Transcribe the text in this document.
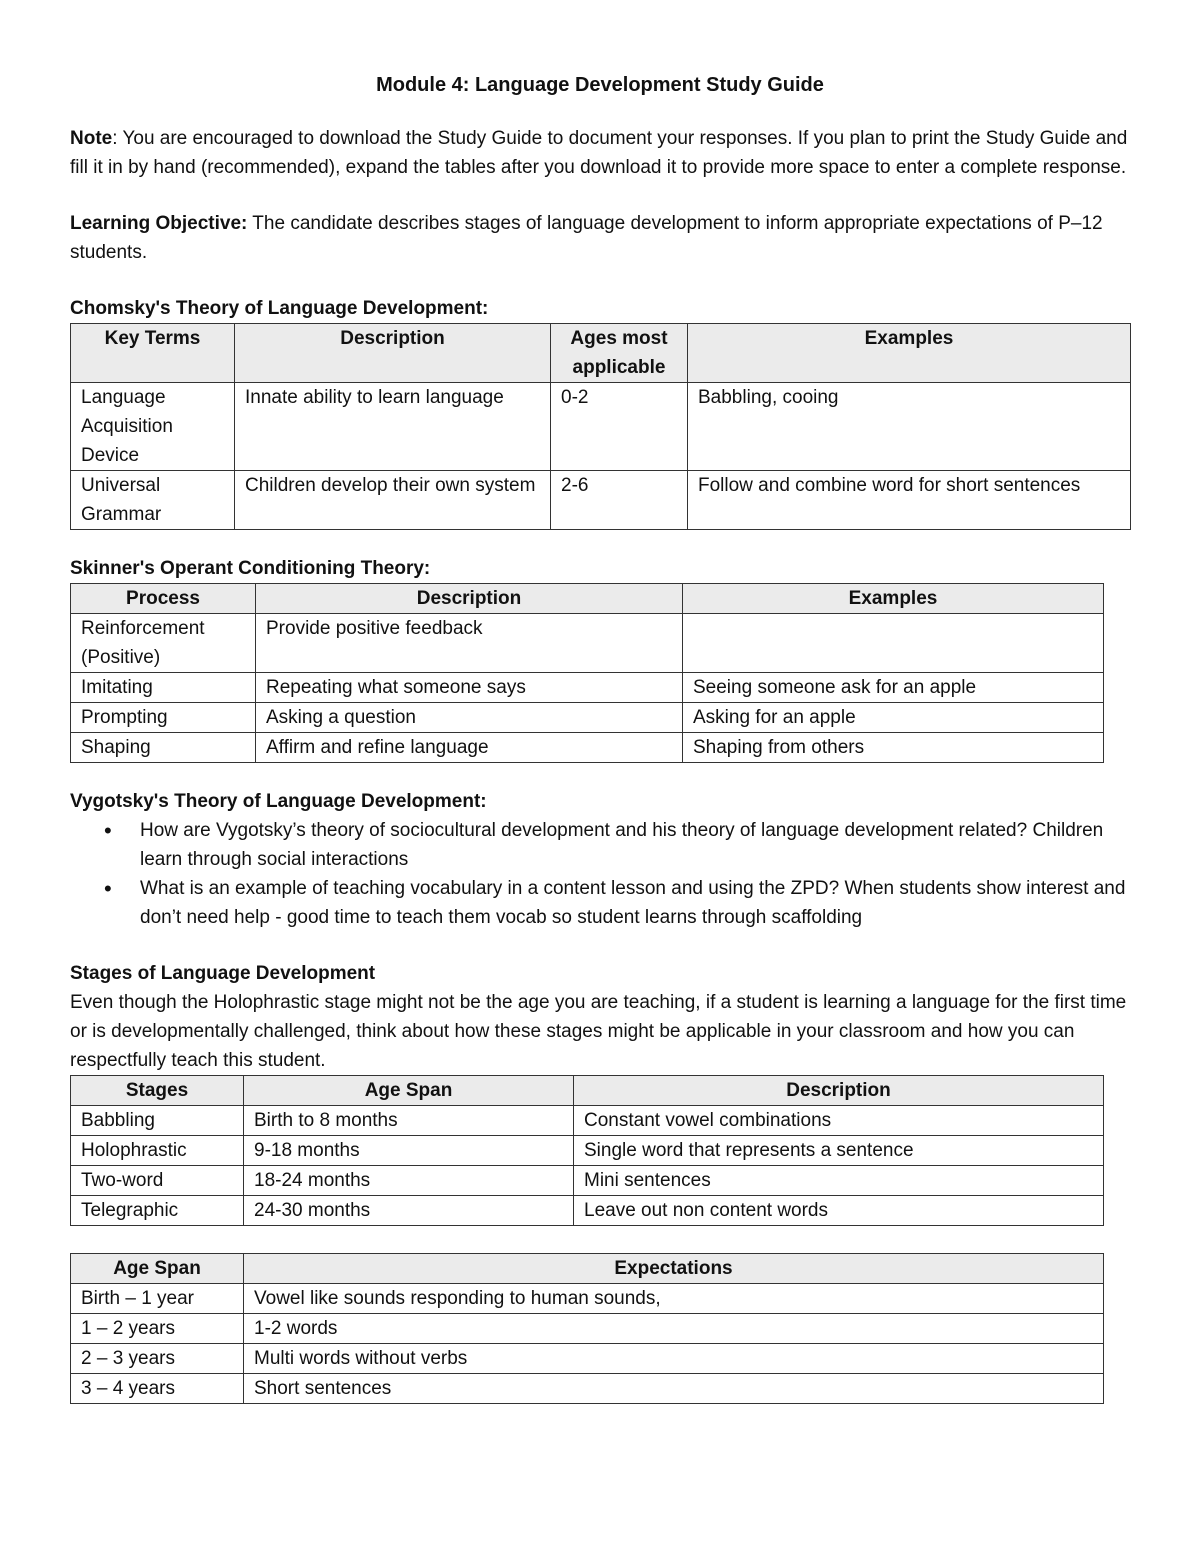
Module 4: Language Development Study Guide

Note: You are encouraged to download the Study Guide to document your responses. If you plan to print the Study Guide and fill it in by hand (recommended), expand the tables after you download it to provide more space to enter a complete response.

Learning Objective: The candidate describes stages of language development to inform appropriate expectations of P–12 students.

Chomsky's Theory of Language Development:

Key Terms	Description	Ages most applicable	Examples
Language Acquisition Device	Innate ability to learn language	0-2	Babbling, cooing
Universal Grammar	Children develop their own system	2-6	Follow and combine word for short sentences

Skinner's Operant Conditioning Theory:

Process	Description	Examples
Reinforcement (Positive)	Provide positive feedback	
Imitating	Repeating what someone says	Seeing someone ask for an apple
Prompting	Asking a question	Asking for an apple
Shaping	Affirm and refine language	Shaping from others

Vygotsky's Theory of Language Development:

• How are Vygotsky’s theory of sociocultural development and his theory of language development related? Children learn through social interactions
• What is an example of teaching vocabulary in a content lesson and using the ZPD? When students show interest and don’t need help - good time to teach them vocab so student learns through scaffolding

Stages of Language Development

Even though the Holophrastic stage might not be the age you are teaching, if a student is learning a language for the first time or is developmentally challenged, think about how these stages might be applicable in your classroom and how you can respectfully teach this student.

Stages	Age Span	Description
Babbling	Birth to 8 months	Constant vowel combinations
Holophrastic	9-18 months	Single word that represents a sentence
Two-word	18-24 months	Mini sentences
Telegraphic	24-30 months	Leave out non content words
Age Span	Expectations
Birth – 1 year	Vowel like sounds responding to human sounds,
1 – 2 years	1-2 words
2 – 3 years	Multi words without verbs
3 – 4 years	Short sentences
